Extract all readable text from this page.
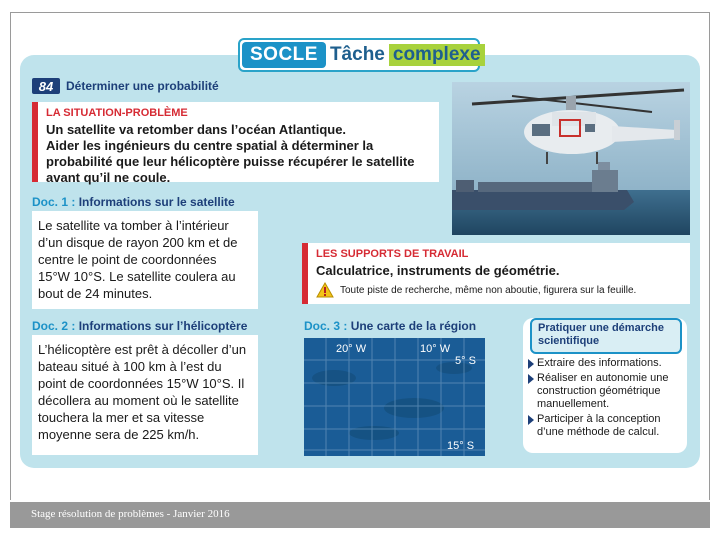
SOCLE Tâche complexe
84	Déterminer une probabilité
LA SITUATION-PROBLÈME
Un satellite va retomber dans l’océan Atlantique.
Aider les ingénieurs du centre spatial à déterminer la probabilité que leur hélicoptère puisse récupérer le satellite avant qu’il ne coule.
Doc. 1 : Informations sur le satellite
Le satellite va tomber à l’intérieur d’un disque de rayon 200 km et de centre le point de coordonnées 15°W 10°S. Le satellite coulera au bout de 24 minutes.
Doc. 2 : Informations sur l’hélicoptère
L’hélicoptère est prêt à décoller d’un bateau situé à 100 km à l’est du point de coordonnées 15°W 10°S. Il décollera au moment où le satellite touchera la mer et sa vitesse moyenne sera de 225 km/h.
LES SUPPORTS DE TRAVAIL
Calculatrice, instruments de géométrie.
Toute piste de recherche, même non aboutie, figurera sur la feuille.
Doc. 3 : Une carte de la région
20° W	10° W
5° S
15° S
Pratiquer une démarche scientifique
Extraire des informations.
Réaliser en autonomie une construction géométrique manuellement.
Participer à la conception d’une méthode de calcul.
Stage résolution de problèmes - Janvier 2016
